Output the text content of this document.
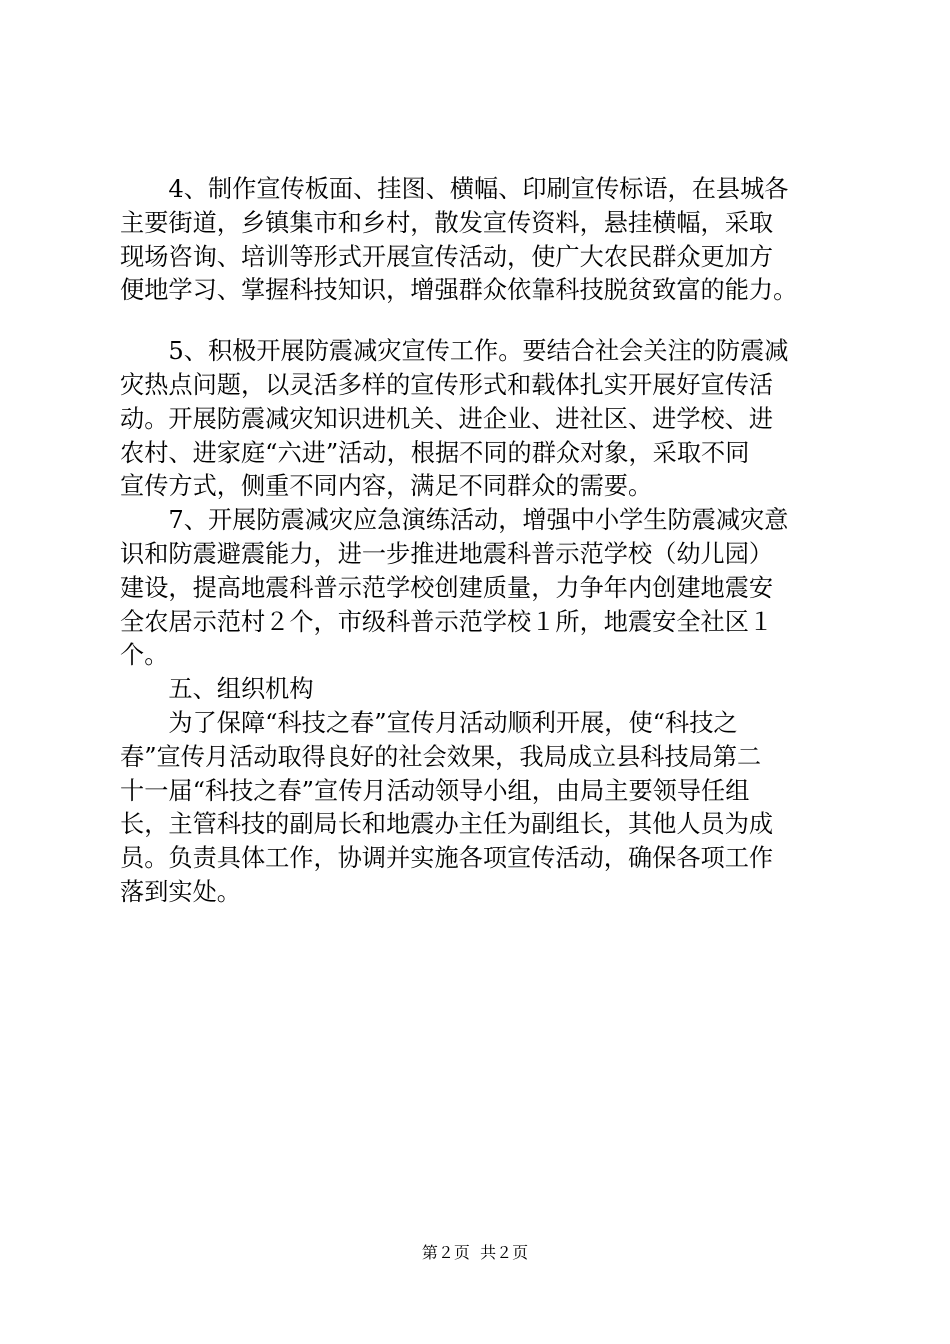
　　4、制作宣传板面、挂图、横幅、印刷宣传标语，在县城各
主要街道，乡镇集市和乡村，散发宣传资料，悬挂横幅，采取
现场咨询、培训等形式开展宣传活动，使广大农民群众更加方
便地学习、掌握科技知识，增强群众依靠科技脱贫致富的能力。
　　5、积极开展防震减灾宣传工作。要结合社会关注的防震减
灾热点问题，以灵活多样的宣传形式和载体扎实开展好宣传活
动。开展防震减灾知识进机关、进企业、进社区、进学校、进
农村、进家庭“六进”活动，根据不同的群众对象，采取不同
宣传方式，侧重不同内容，满足不同群众的需要。
　　7、开展防震减灾应急演练活动，增强中小学生防震减灾意
识和防震避震能力，进一步推进地震科普示范学校（幼儿园）
建设，提高地震科普示范学校创建质量，力争年内创建地震安
全农居示范村２个，市级科普示范学校１所，地震安全社区１
个。
　　五、组织机构
　　为了保障“科技之春”宣传月活动顺利开展，使“科技之
春”宣传月活动取得良好的社会效果，我局成立县科技局第二
十一届“科技之春”宣传月活动领导小组，由局主要领导任组
长，主管科技的副局长和地震办主任为副组长，其他人员为成
员。负责具体工作，协调并实施各项宣传活动，确保各项工作
落到实处。
第２页  共２页
